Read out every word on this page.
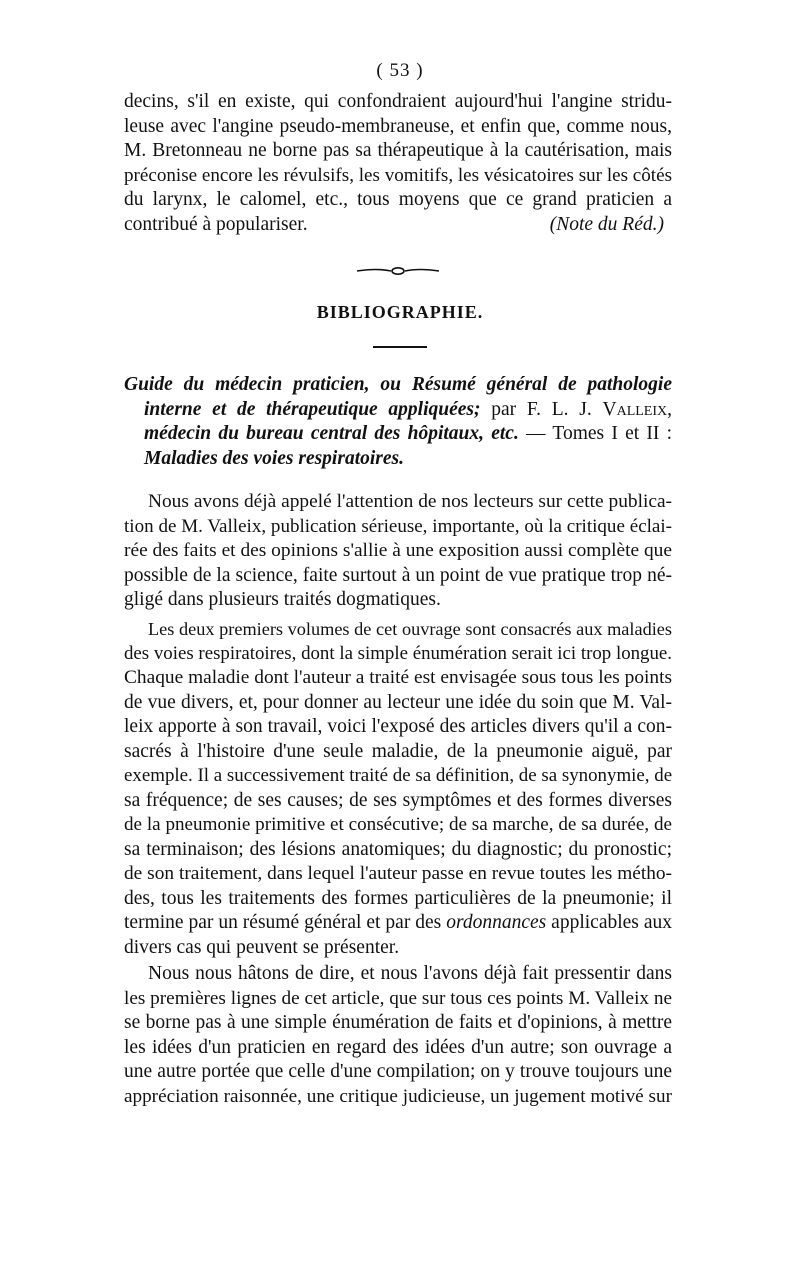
( 53 )
decins, s'il en existe, qui confondraient aujourd'hui l'angine stridu-
leuse avec l'angine pseudo-membraneuse, et enfin que, comme nous,
M. Bretonneau ne borne pas sa thérapeutique à la cautérisation, mais
préconise encore les révulsifs, les vomitifs, les vésicatoires sur les côtés
du larynx, le calomel, etc., tous moyens que ce grand praticien a
contribué à populariser.	(Note du Réd.)
BIBLIOGRAPHIE.
Guide du médecin praticien, ou Résumé général de pathologie
interne et de thérapeutique appliquées; par F. L. J. Valleix,
médecin du bureau central des hôpitaux, etc. — Tomes I et II :
Maladies des voies respiratoires.
Nous avons déjà appelé l'attention de nos lecteurs sur cette publica-
tion de M. Valleix, publication sérieuse, importante, où la critique éclai-
rée des faits et des opinions s'allie à une exposition aussi complète que
possible de la science, faite surtout à un point de vue pratique trop né-
gligé dans plusieurs traités dogmatiques.
Les deux premiers volumes de cet ouvrage sont consacrés aux maladies
des voies respiratoires, dont la simple énumération serait ici trop longue.
Chaque maladie dont l'auteur a traité est envisagée sous tous les points
de vue divers, et, pour donner au lecteur une idée du soin que M. Val-
leix apporte à son travail, voici l'exposé des articles divers qu'il a con-
sacrés à l'histoire d'une seule maladie, de la pneumonie aiguë, par
exemple. Il a successivement traité de sa définition, de sa synonymie, de
sa fréquence; de ses causes; de ses symptômes et des formes diverses
de la pneumonie primitive et consécutive; de sa marche, de sa durée, de
sa terminaison; des lésions anatomiques; du diagnostic; du pronostic;
de son traitement, dans lequel l'auteur passe en revue toutes les métho-
des, tous les traitements des formes particulières de la pneumonie; il
termine par un résumé général et par des ordonnances applicables aux
divers cas qui peuvent se présenter.
Nous nous hâtons de dire, et nous l'avons déjà fait pressentir dans
les premières lignes de cet article, que sur tous ces points M. Valleix ne
se borne pas à une simple énumération de faits et d'opinions, à mettre
les idées d'un praticien en regard des idées d'un autre; son ouvrage a
une autre portée que celle d'une compilation; on y trouve toujours une
appréciation raisonnée, une critique judicieuse, un jugement motivé sur
